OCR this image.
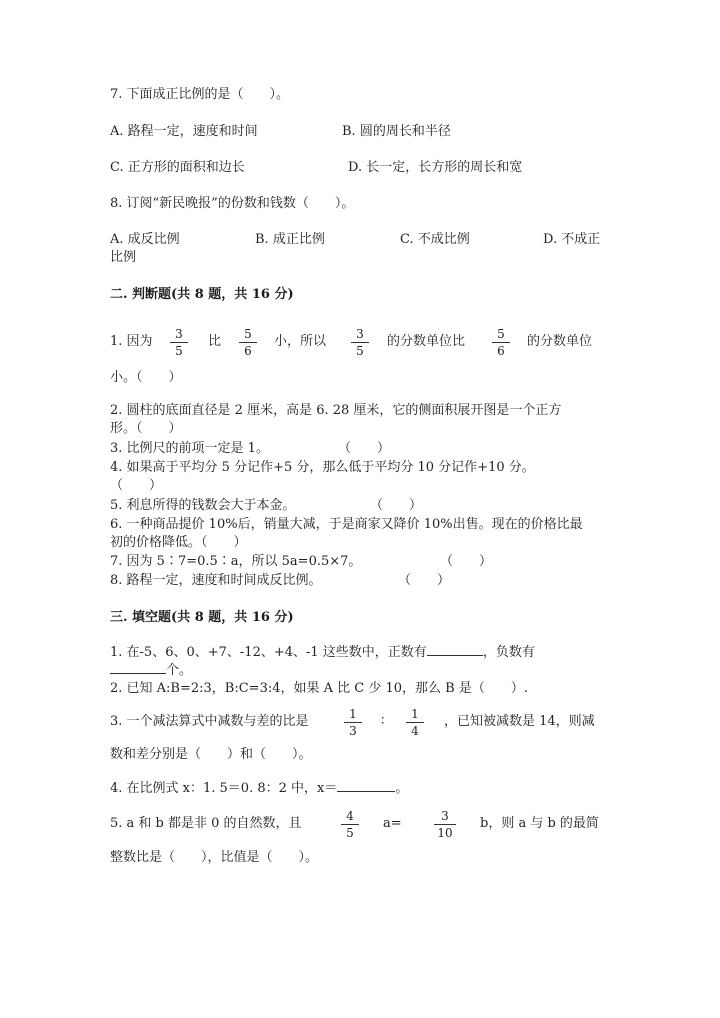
7. 下面成正比例的是（　　）。
A. 路程一定，速度和时间	B. 圆的周长和半径
C. 正方形的面积和边长	D. 长一定，长方形的周长和宽
8. 订阅“新民晚报”的份数和钱数（　　）。
A. 成反比例	B. 成正比例	C. 不成比例	D. 不成正
比例
二. 判断题(共 8 题，共 16 分)
1. 因为	3
5
比	5
6
小，所以	3
5
的分数单位比	5
6
的分数单位
小。（　　）
2. 圆柱的底面直径是 2 厘米，高是 6. 28 厘米，它的侧面积展开图是一个正方
形。（　　）
3. 比例尺的前项一定是 1。	（　　）
4. 如果高于平均分 5 分记作+5 分，那么低于平均分 10 分记作+10 分。
（　　）
5. 利息所得的钱数会大于本金。	（　　）
6. 一种商品提价 10%后，销量大减，于是商家又降价 10%出售。现在的价格比最
初的价格降低。（　　）
7. 因为 5∶7=0.5∶a，所以 5a=0.5×7。	（　　）
8. 路程一定，速度和时间成反比例。	（　　）
三. 填空题(共 8 题，共 16 分)
1. 在-5、6、0、+7、-12、+4、-1 这些数中，正数有	，负数有
个。
2. 已知 A:B=2:3，B:C=3:4，如果 A 比 C 少 10，那么 B 是（　　）.
3. 一个减法算式中减数与差的比是	1
3
∶	1
4
，已知被减数是 14，则减
数和差分别是（　　）和（　　）。
4. 在比例式 x：1. 5＝0. 8：2 中，x＝	。
5. a 和 b 都是非 0 的自然数，且	4
5
a=	3
10
b，则 a 与 b 的最简
整数比是（　　），比值是（　　）。
